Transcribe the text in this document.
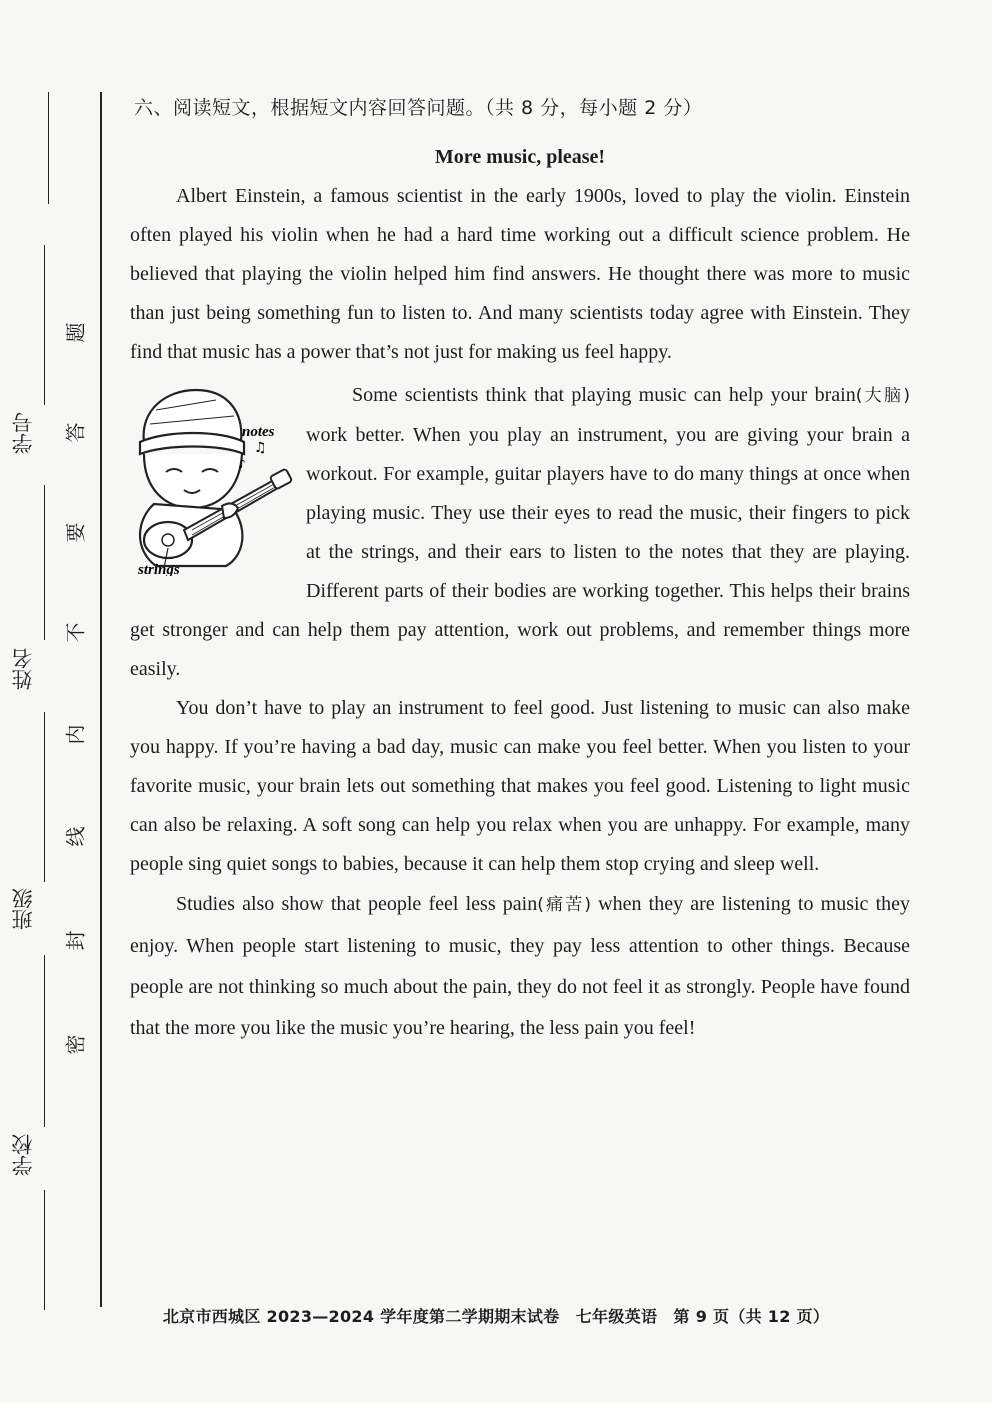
学号
姓名
班级
学校
题
答
要
不
内
线
封
密

六、阅读短文，根据短文内容回答问题。（共 8 分，每小题 2 分）

More music, please!

Albert Einstein, a famous scientist in the early 1900s, loved to play the violin. Einstein often played his violin when he had a hard time working out a difficult science problem. He believed that playing the violin helped him find answers. He thought there was more to music than just being something fun to listen to. And many scientists today agree with Einstein. They find that music has a power that’s not just for making us feel happy.

notes
♫
♪
strings

Some scientists think that playing music can help your brain(大脑) work better. When you play an instrument, you are giving your brain a workout. For example, guitar players have to do many things at once when playing music. They use their eyes to read the music, their fingers to pick at the strings, and their ears to listen to the notes that they are playing. Different parts of their bodies are working together. This helps their brains get stronger and can help them pay attention, work out problems, and remember things more easily.

You don’t have to play an instrument to feel good. Just listening to music can also make you happy. If you’re having a bad day, music can make you feel better. When you listen to your favorite music, your brain lets out something that makes you feel good. Listening to light music can also be relaxing. A soft song can help you relax when you are unhappy. For example, many people sing quiet songs to babies, because it can help them stop crying and sleep well.

Studies also show that people feel less pain(痛苦) when they are listening to music they enjoy. When people start listening to music, they pay less attention to other things. Because people are not thinking so much about the pain, they do not feel it as strongly. People have found that the more you like the music you’re hearing, the less pain you feel!

北京市西城区 2023—2024 学年度第二学期期末试卷　七年级英语　第 9 页（共 12 页）
